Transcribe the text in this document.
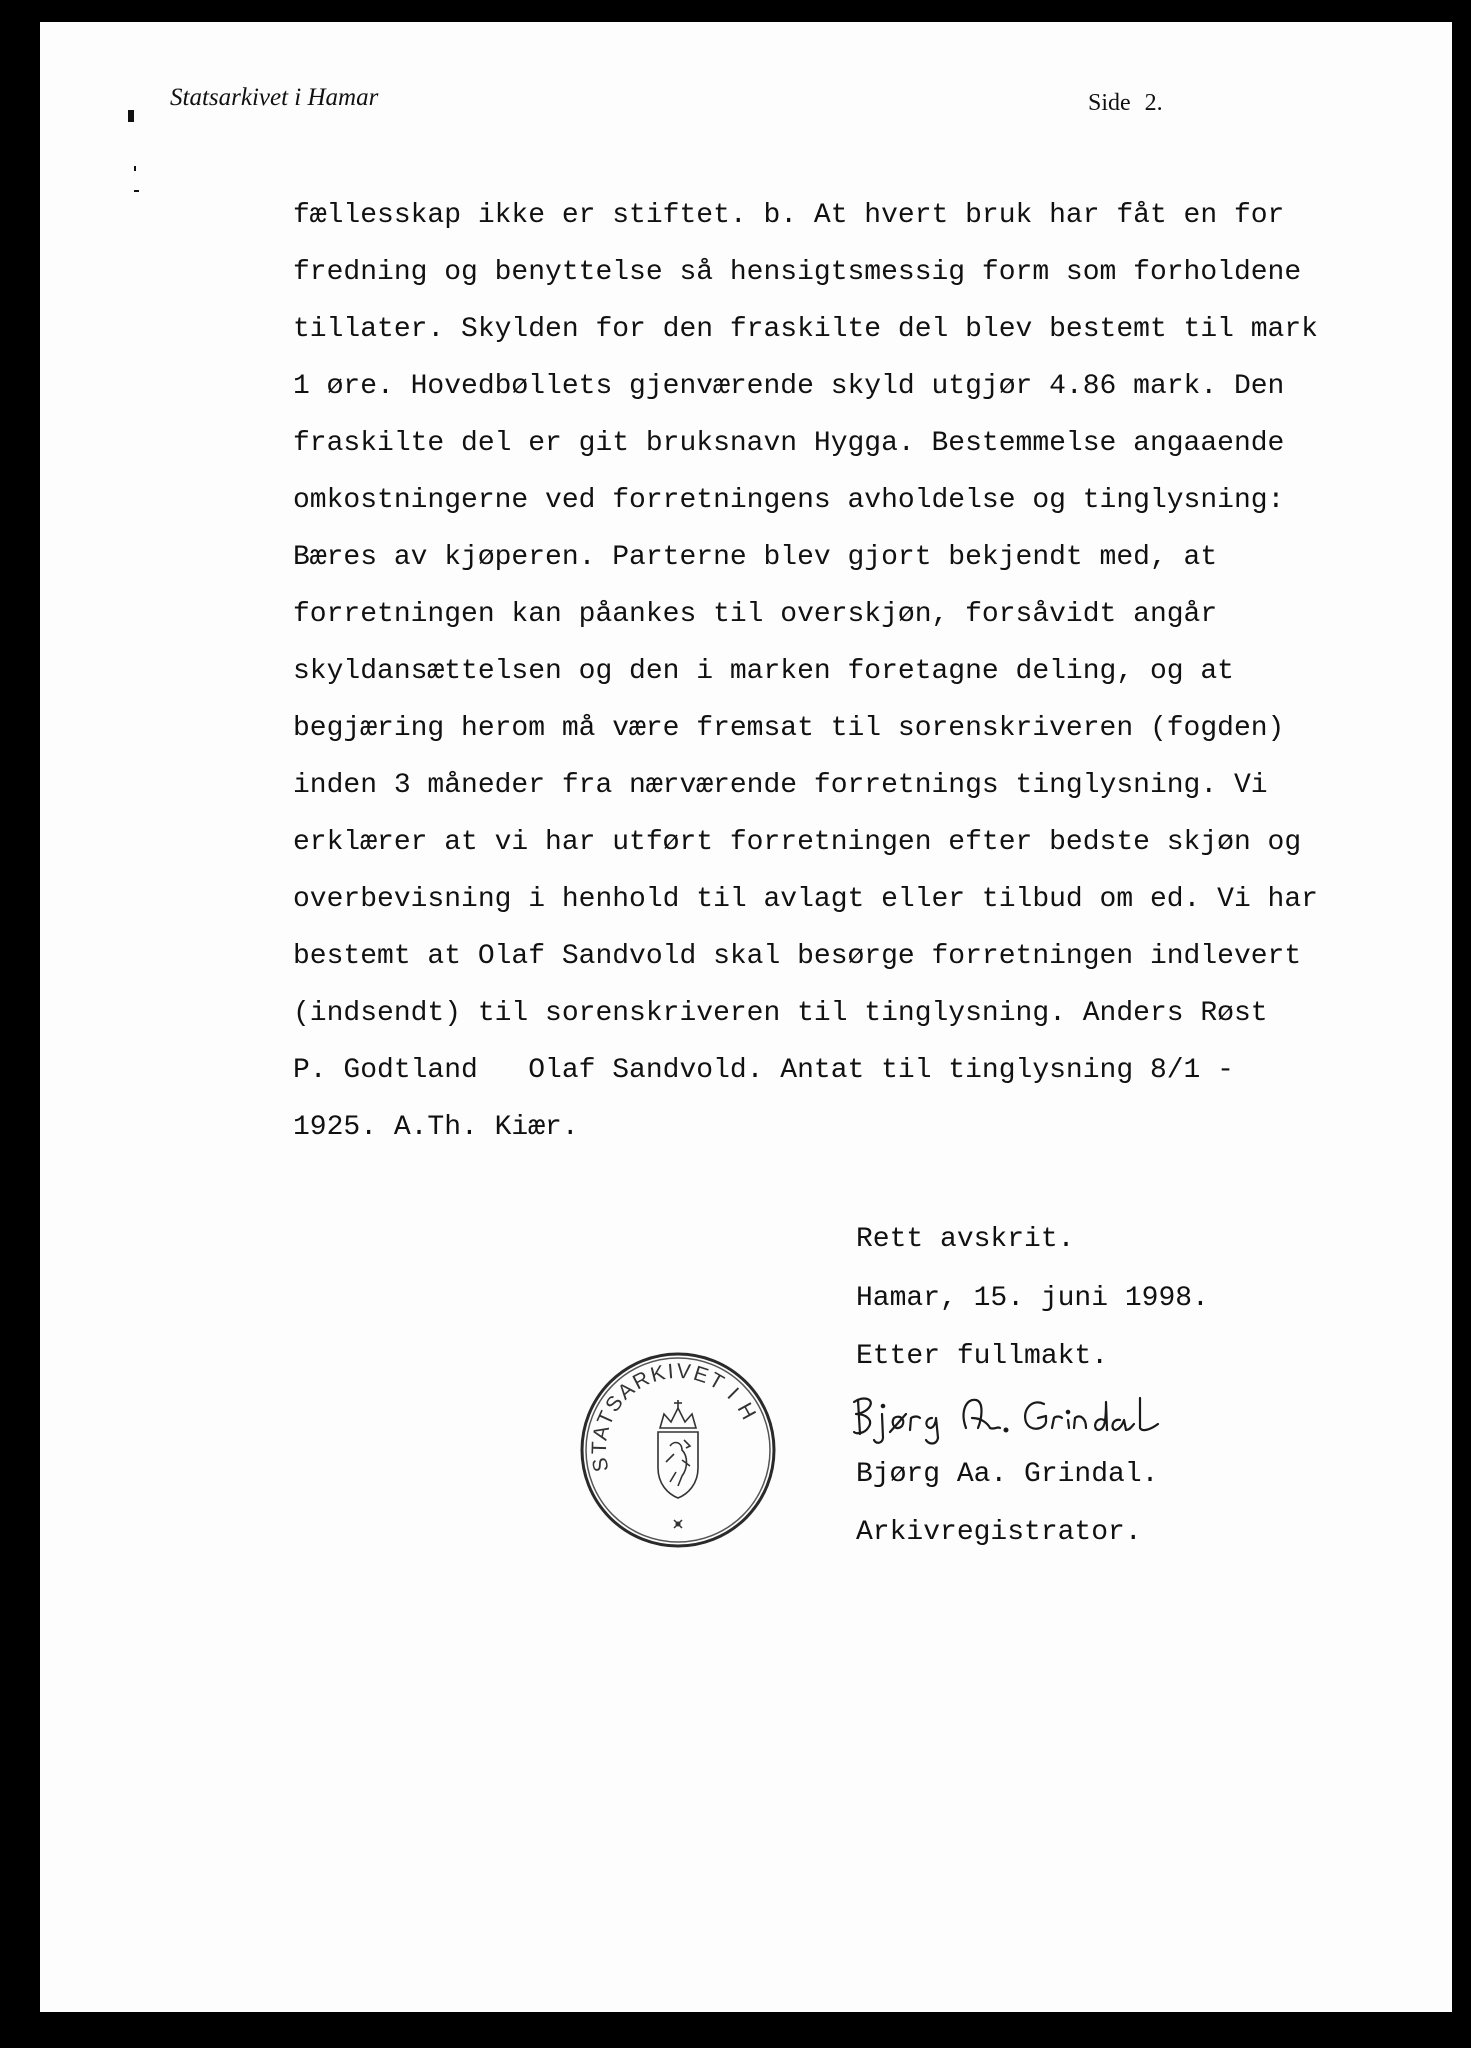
Statsarkivet i Hamar	Side 2.
fællesskap ikke er stiftet. b. At hvert bruk har fåt en for
fredning og benyttelse så hensigtsmessig form som forholdene
tillater. Skylden for den fraskilte del blev bestemt til mark
1 øre. Hovedbøllets gjenværende skyld utgjør 4.86 mark. Den
fraskilte del er git bruksnavn Hygga. Bestemmelse angaaende
omkostningerne ved forretningens avholdelse og tinglysning:
Bæres av kjøperen. Parterne blev gjort bekjendt med, at
forretningen kan påankes til overskjøn, forsåvidt angår
skyldansættelsen og den i marken foretagne deling, og at
begjæring herom må være fremsat til sorenskriveren (fogden)
inden 3 måneder fra nærværende forretnings tinglysning. Vi
erklærer at vi har utført forretningen efter bedste skjøn og
overbevisning i henhold til avlagt eller tilbud om ed. Vi har
bestemt at Olaf Sandvold skal besørge forretningen indlevert
(indsendt) til sorenskriveren til tinglysning. Anders Røst
P. Godtland   Olaf Sandvold. Antat til tinglysning 8/1 -
1925. A.Th. Kiær.
Rett avskrit.
Hamar, 15. juni 1998.
Etter fullmakt.
Bjørg Aa. Grindal.
Arkivregistrator.
STATSARKIVET I HAMAR
